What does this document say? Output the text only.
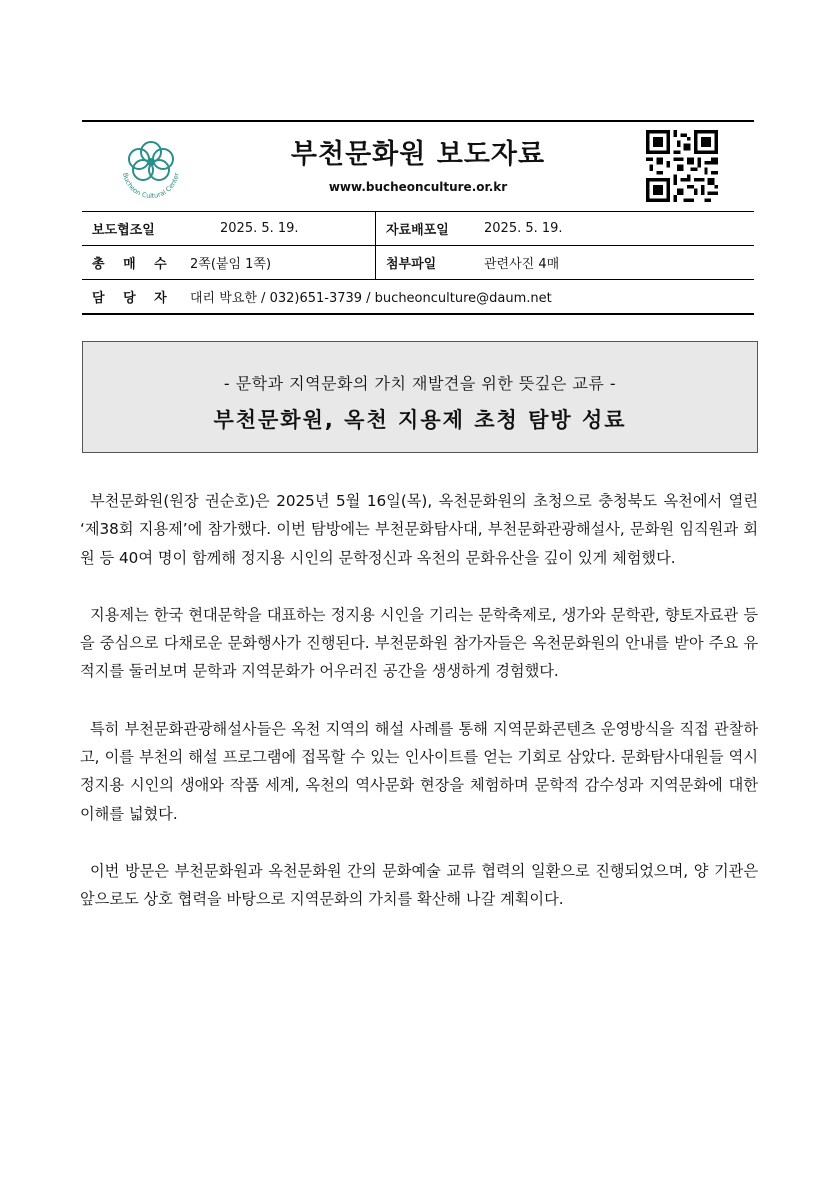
Bucheon Cultural Center
부천문화원 보도자료
www.bucheonculture.or.kr
보도협조일	2025. 5. 19.	자료배포일	2025. 5. 19.
총 매 수	2쪽(붙임 1쪽)	첨부파일	관련사진 4매
담 당 자	대리 박요한 / 032)651-3739 / bucheonculture@daum.net		
- 문학과 지역문화의 가치 재발견을 위한 뜻깊은 교류 -
부천문화원, 옥천 지용제 초청 탐방 성료

부천문화원(원장 권순호)은 2025년 5월 16일(목), 옥천문화원의 초청으로 충청북도 옥천에서 열린 ‘제38회 지용제’에 참가했다. 이번 탐방에는 부천문화탐사대, 부천문화관광해설사, 문화원 임직원과 회원 등 40여 명이 함께해 정지용 시인의 문학정신과 옥천의 문화유산을 깊이 있게 체험했다.

지용제는 한국 현대문학을 대표하는 정지용 시인을 기리는 문학축제로, 생가와 문학관, 향토자료관 등을 중심으로 다채로운 문화행사가 진행된다. 부천문화원 참가자들은 옥천문화원의 안내를 받아 주요 유적지를 둘러보며 문학과 지역문화가 어우러진 공간을 생생하게 경험했다.

특히 부천문화관광해설사들은 옥천 지역의 해설 사례를 통해 지역문화콘텐츠 운영방식을 직접 관찰하고, 이를 부천의 해설 프로그램에 접목할 수 있는 인사이트를 얻는 기회로 삼았다. 문화탐사대원들 역시 정지용 시인의 생애와 작품 세계, 옥천의 역사문화 현장을 체험하며 문학적 감수성과 지역문화에 대한 이해를 넓혔다.

이번 방문은 부천문화원과 옥천문화원 간의 문화예술 교류 협력의 일환으로 진행되었으며, 양 기관은 앞으로도 상호 협력을 바탕으로 지역문화의 가치를 확산해 나갈 계획이다.
